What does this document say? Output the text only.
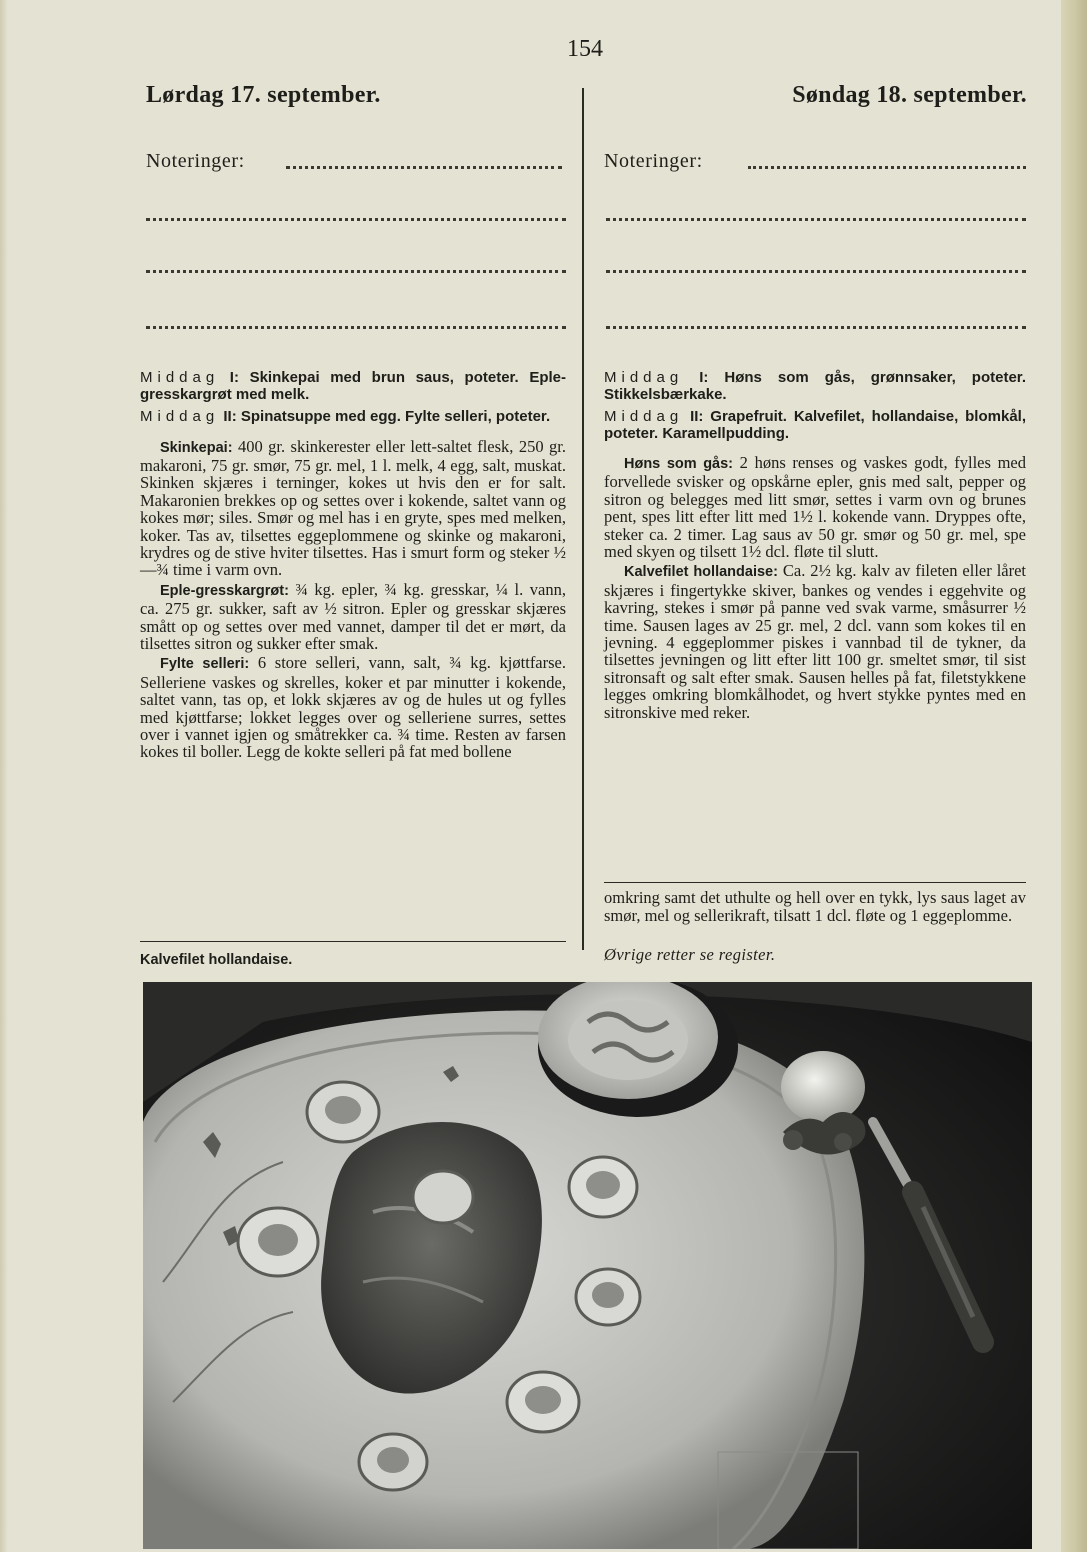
154
Lørdag 17. september.	Søndag 18. september.
Noteringer:	Noteringer:

Middag I: Skinkepai med brun saus, poteter. Eple-gresskargrøt med melk.

Middag II: Spinatsuppe med egg. Fylte selleri, poteter.

Skinkepai: 400 gr. skinkerester eller lett-saltet flesk, 250 gr. makaroni, 75 gr. smør, 75 gr. mel, 1 l. melk, 4 egg, salt, muskat. Skinken skjæres i terninger, kokes ut hvis den er for salt. Makaronien brekkes op og settes over i kokende, saltet vann og kokes mør; siles. Smør og mel has i en gryte, spes med melken, koker. Tas av, tilsettes eggeplommene og skinke og makaroni, krydres og de stive hviter tilsettes. Has i smurt form og steker ½—¾ time i varm ovn.

Eple-gresskargrøt: ¾ kg. epler, ¾ kg. gresskar, ¼ l. vann, ca. 275 gr. sukker, saft av ½ sitron. Epler og gresskar skjæres smått op og settes over med vannet, damper til det er mørt, da tilsettes sitron og sukker efter smak.

Fylte selleri: 6 store selleri, vann, salt, ¾ kg. kjøttfarse. Selleriene vaskes og skrelles, koker et par minutter i kokende, saltet vann, tas op, et lokk skjæres av og de hules ut og fylles med kjøttfarse; lokket legges over og selleriene surres, settes over i vannet igjen og småtrekker ca. ¾ time. Resten av farsen kokes til boller. Legg de kokte selleri på fat med bollene

Kalvefilet hollandaise.

Middag I: Høns som gås, grønnsaker, poteter. Stikkelsbærkake.

Middag II: Grapefruit. Kalvefilet, hollandaise, blomkål, poteter. Karamellpudding.

Høns som gås: 2 høns renses og vaskes godt, fylles med forvellede svisker og opskårne epler, gnis med salt, pepper og sitron og belegges med litt smør, settes i varm ovn og brunes pent, spes litt efter litt med 1½ l. kokende vann. Dryppes ofte, steker ca. 2 timer. Lag saus av 50 gr. smør og 50 gr. mel, spe med skyen og tilsett 1½ dcl. fløte til slutt.

Kalvefilet hollandaise: Ca. 2½ kg. kalv av fileten eller låret skjæres i fingertykke skiver, bankes og vendes i eggehvite og kavring, stekes i smør på panne ved svak varme, småsurrer ½ time. Sausen lages av 25 gr. mel, 2 dcl. vann som kokes til en jevning. 4 eggeplommer piskes i vannbad til de tykner, da tilsettes jevningen og litt efter litt 100 gr. smeltet smør, til sist sitronsaft og salt efter smak. Sausen helles på fat, filetstykkene legges omkring blomkålhodet, og hvert stykke pyntes med en sitronskive med reker.

omkring samt det uthulte og hell over en tykk, lys saus laget av smør, mel og sellerikraft, tilsatt 1 dcl. fløte og 1 eggeplomme.
Øvrige retter se register.
